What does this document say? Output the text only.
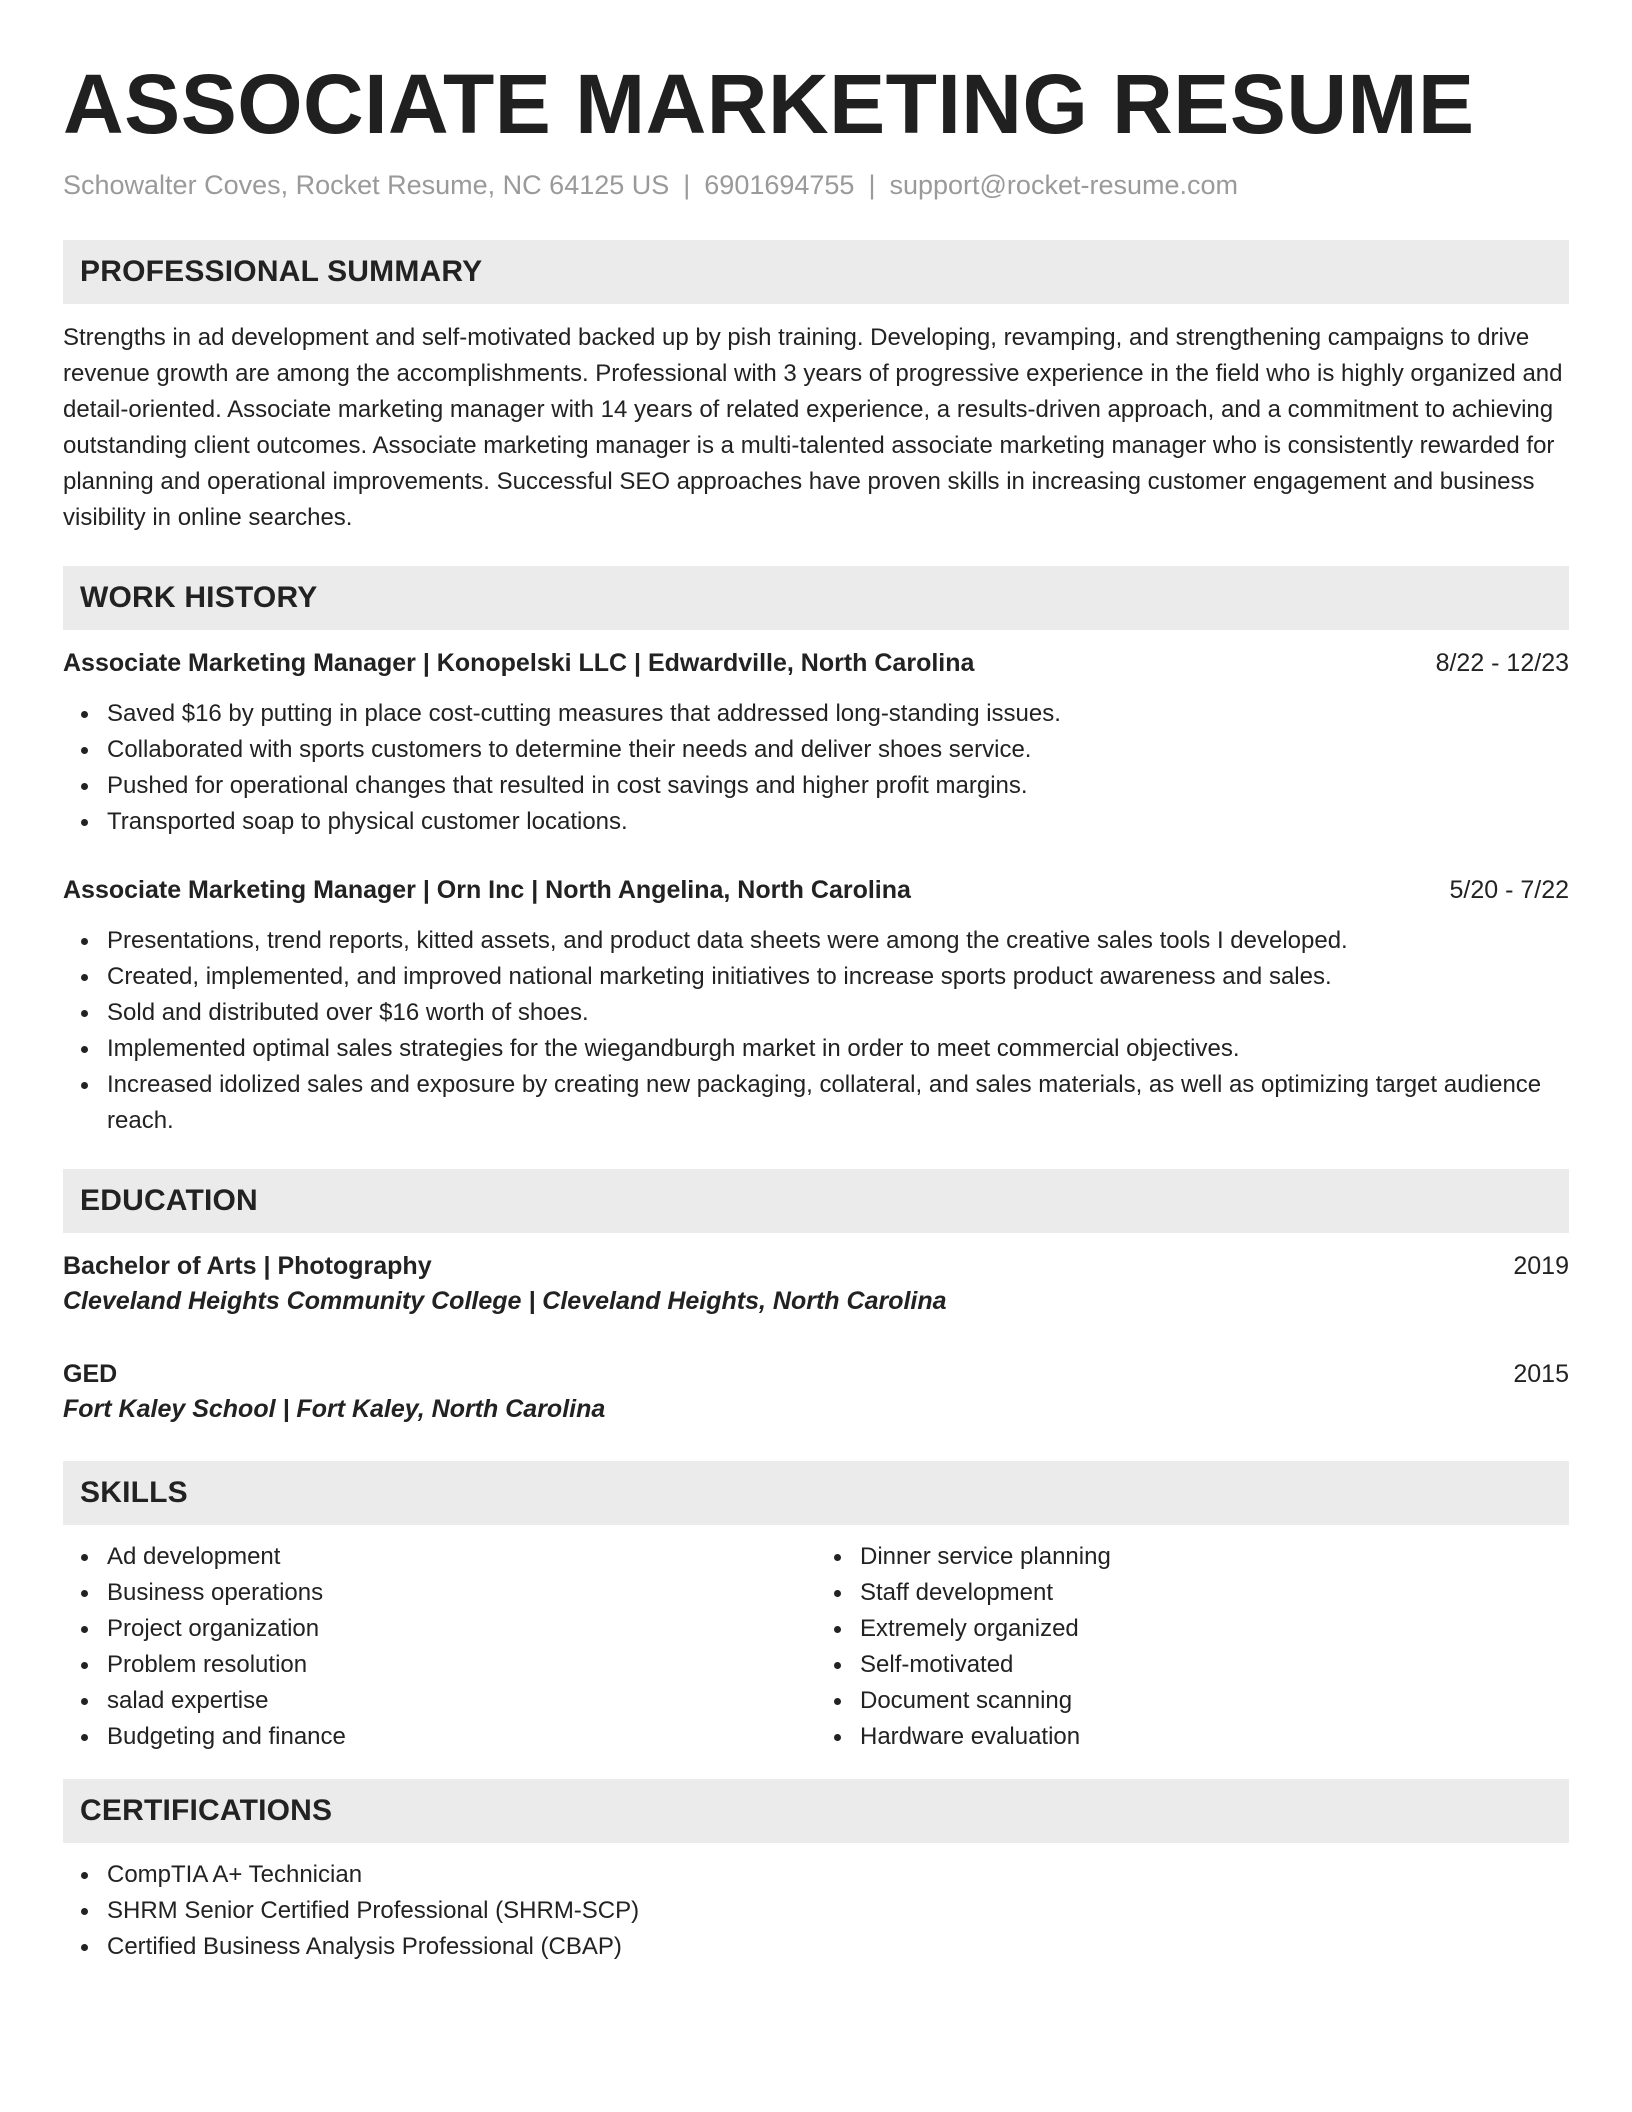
ASSOCIATE MARKETING RESUME
Schowalter Coves, Rocket Resume, NC 64125 US | 6901694755 | support@rocket-resume.com
PROFESSIONAL SUMMARY

Strengths in ad development and self-motivated backed up by pish training. Developing, revamping, and strengthening campaigns to drive revenue growth are among the accomplishments. Professional with 3 years of progressive experience in the field who is highly organized and detail-oriented. Associate marketing manager with 14 years of related experience, a results-driven approach, and a commitment to achieving outstanding client outcomes. Associate marketing manager is a multi-talented associate marketing manager who is consistently rewarded for planning and operational improvements. Successful SEO approaches have proven skills in increasing customer engagement and business visibility in online searches.

WORK HISTORY
Associate Marketing Manager | Konopelski LLC | Edwardville, North Carolina	8/22 - 12/23
Saved $16 by putting in place cost-cutting measures that addressed long-standing issues.
Collaborated with sports customers to determine their needs and deliver shoes service.
Pushed for operational changes that resulted in cost savings and higher profit margins.
Transported soap to physical customer locations.
Associate Marketing Manager | Orn Inc | North Angelina, North Carolina	5/20 - 7/22
Presentations, trend reports, kitted assets, and product data sheets were among the creative sales tools I developed.
Created, implemented, and improved national marketing initiatives to increase sports product awareness and sales.
Sold and distributed over $16 worth of shoes.
Implemented optimal sales strategies for the wiegandburgh market in order to meet commercial objectives.
Increased idolized sales and exposure by creating new packaging, collateral, and sales materials, as well as optimizing target audience reach.
EDUCATION
Bachelor of Arts | Photography	2019
Cleveland Heights Community College | Cleveland Heights, North Carolina
GED	2015
Fort Kaley School | Fort Kaley, North Carolina
SKILLS
Ad development
Business operations
Project organization
Problem resolution
salad expertise
Budgeting and finance
Dinner service planning
Staff development
Extremely organized
Self-motivated
Document scanning
Hardware evaluation
CERTIFICATIONS
CompTIA A+ Technician
SHRM Senior Certified Professional (SHRM-SCP)
Certified Business Analysis Professional (CBAP)
